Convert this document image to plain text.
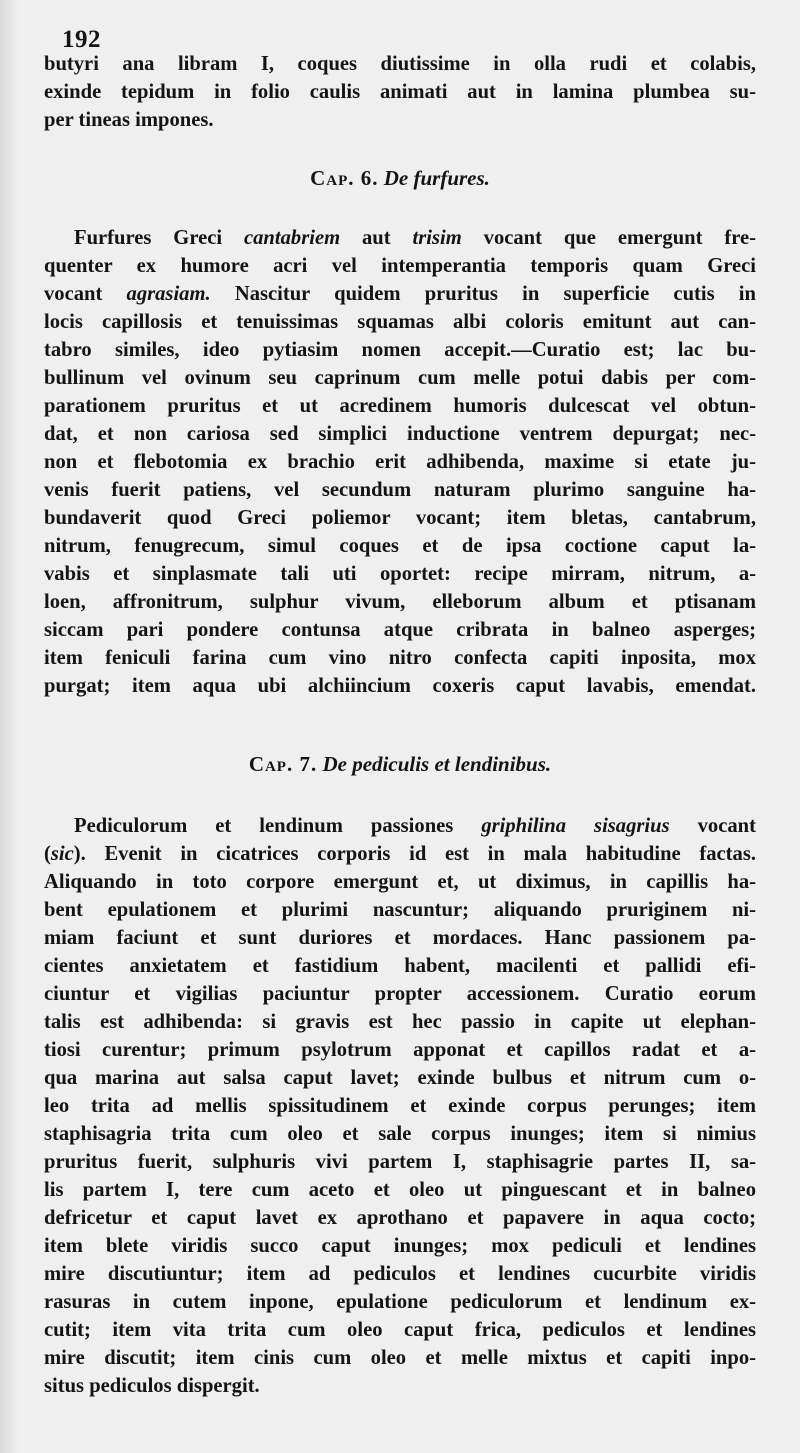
192
butyri ana libram I, coques diutissime in olla rudi et colabis,
exinde tepidum in folio caulis animati aut in lamina plumbea su-
per tineas impones.
Cap. 6. De furfures.
Furfures Greci cantabriem aut trisim vocant que emergunt fre-
quenter ex humore acri vel intemperantia temporis quam Greci
vocant agrasiam. Nascitur quidem pruritus in superficie cutis in
locis capillosis et tenuissimas squamas albi coloris emitunt aut can-
tabro similes, ideo pytiasim nomen accepit.—Curatio est; lac bu-
bullinum vel ovinum seu caprinum cum melle potui dabis per com-
parationem pruritus et ut acredinem humoris dulcescat vel obtun-
dat, et non cariosa sed simplici inductione ventrem depurgat; nec-
non et flebotomia ex brachio erit adhibenda, maxime si etate ju-
venis fuerit patiens, vel secundum naturam plurimo sanguine ha-
bundaverit quod Greci poliemor vocant; item bletas, cantabrum,
nitrum, fenugrecum, simul coques et de ipsa coctione caput la-
vabis et sinplasmate tali uti oportet: recipe mirram, nitrum, a-
loen, affronitrum, sulphur vivum, elleborum album et ptisanam
siccam pari pondere contunsa atque cribrata in balneo asperges;
item feniculi farina cum vino nitro confecta capiti inposita, mox
purgat; item aqua ubi alchiincium coxeris caput lavabis, emendat.
Cap. 7. De pediculis et lendinibus.
Pediculorum et lendinum passiones griphilina sisagrius vocant
(sic). Evenit in cicatrices corporis id est in mala habitudine factas.
Aliquando in toto corpore emergunt et, ut diximus, in capillis ha-
bent epulationem et plurimi nascuntur; aliquando pruriginem ni-
miam faciunt et sunt duriores et mordaces. Hanc passionem pa-
cientes anxietatem et fastidium habent, macilenti et pallidi efi-
ciuntur et vigilias paciuntur propter accessionem. Curatio eorum
talis est adhibenda: si gravis est hec passio in capite ut elephan-
tiosi curentur; primum psylotrum apponat et capillos radat et a-
qua marina aut salsa caput lavet; exinde bulbus et nitrum cum o-
leo trita ad mellis spissitudinem et exinde corpus perunges; item
staphisagria trita cum oleo et sale corpus inunges; item si nimius
pruritus fuerit, sulphuris vivi partem I, staphisagrie partes II, sa-
lis partem I, tere cum aceto et oleo ut pinguescant et in balneo
defricetur et caput lavet ex aprothano et papavere in aqua cocto;
item blete viridis succo caput inunges; mox pediculi et lendines
mire discutiuntur; item ad pediculos et lendines cucurbite viridis
rasuras in cutem inpone, epulatione pediculorum et lendinum ex-
cutit; item vita trita cum oleo caput frica, pediculos et lendines
mire discutit; item cinis cum oleo et melle mixtus et capiti inpo-
situs pediculos dispergit.
